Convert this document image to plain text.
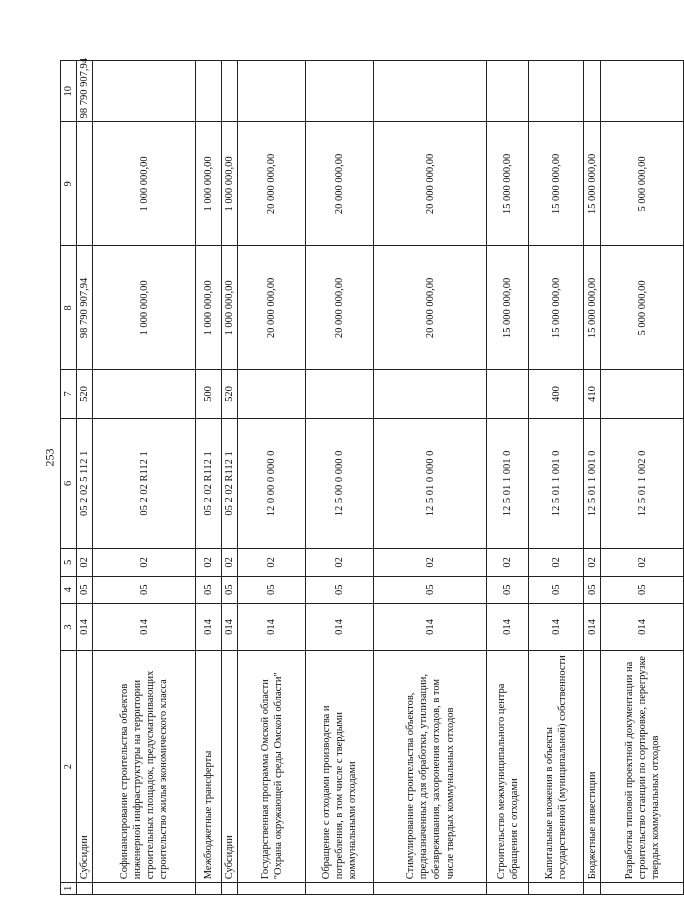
253
1	2	3	4	5	6	7	8	9	10
	Субсидии	014	05	02	05 2 02 5 112 1	520	98 790 907,94		98 790 907,94
	Софинансирование строительства объектов инженерной инфраструктуры на территории строительных площадок, предусматривающих строительство жилья экономического класса	014	05	02	05 2 02 R112 1		1 000 000,00	1 000 000,00	
	Межбюджетные трансферты	014	05	02	05 2 02 R112 1	500	1 000 000,00	1 000 000,00	
	Субсидии	014	05	02	05 2 02 R112 1	520	1 000 000,00	1 000 000,00	
	Государственная программа Омской области "Охрана окружающей среды Омской области"	014	05	02	12 0 00 0 000 0		20 000 000,00	20 000 000,00	
	Обращение с отходами производства и потребления, в том числе с твердыми коммунальными отходами	014	05	02	12 5 00 0 000 0		20 000 000,00	20 000 000,00	
	Стимулирование строительства объектов, предназначенных для обработки, утилизации, обезвреживания, захоронения отходов, в том числе твердых коммунальных отходов	014	05	02	12 5 01 0 000 0		20 000 000,00	20 000 000,00	
	Строительство межмуниципального центра обращения с отходами	014	05	02	12 5 01 1 001 0		15 000 000,00	15 000 000,00	
	Капитальные вложения в объекты государственной (муниципальной) собственности	014	05	02	12 5 01 1 001 0	400	15 000 000,00	15 000 000,00	
	Бюджетные инвестиции	014	05	02	12 5 01 1 001 0	410	15 000 000,00	15 000 000,00	
	Разработка типовой проектной документации на строительство станции по сортировке, перегрузке твердых коммунальных отходов	014	05	02	12 5 01 1 002 0		5 000 000,00	5 000 000,00	
